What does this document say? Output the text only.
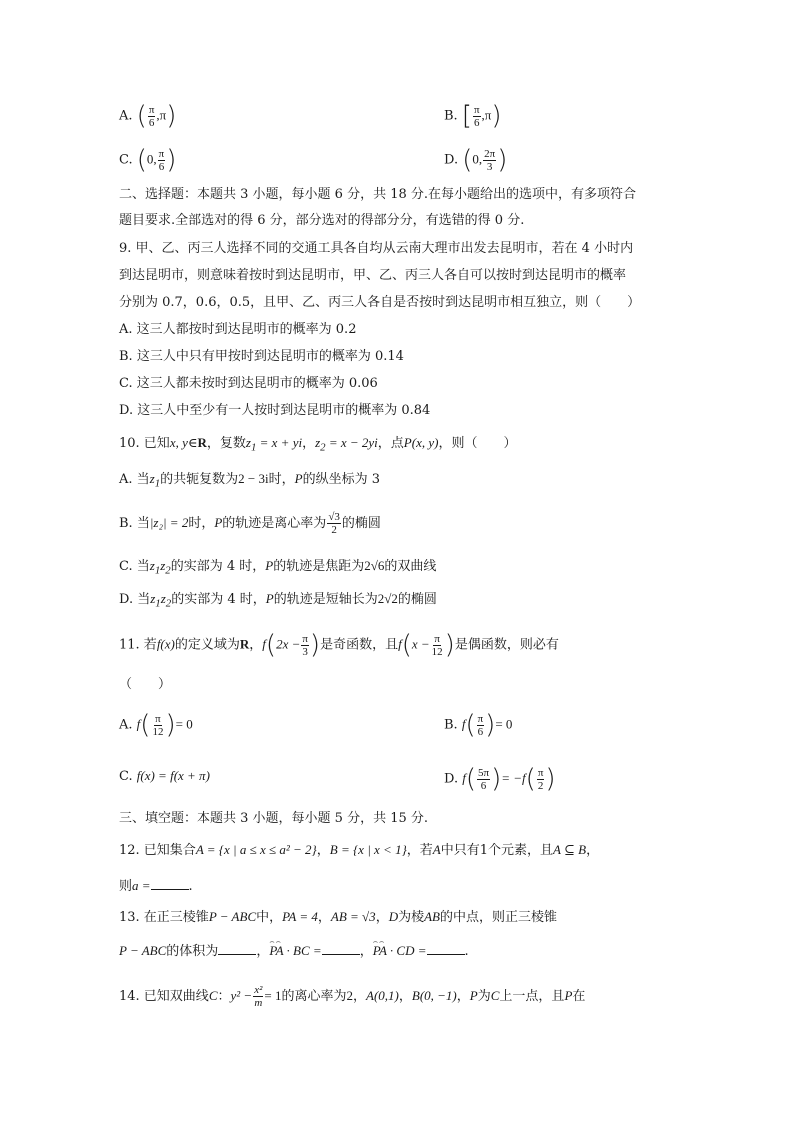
A. ( $\frac{\pi}{6} ,\pi$)	B. [ $\frac{\pi}{6} ,\pi$)
C. (0, $\frac{\pi}{6}$ )	D. (0, $\frac{2\pi}{3}$ )
二、选择题：本题共 3 小题，每小题 6 分，共 18 分.在每小题给出的选项中，有多项符合
题目要求.全部选对的得 6 分，部分选对的得部分分，有选错的得 0 分.
9. 甲、乙、丙三人选择不同的交通工具各自均从云南大理市出发去昆明市，若在 4 小时内
到达昆明市，则意味着按时到达昆明市，甲、乙、丙三人各自可以按时到达昆明市的概率
分别为 0.7，0.6，0.5，且甲、乙、丙三人各自是否按时到达昆明市相互独立，则（　　）
A. 这三人都按时到达昆明市的概率为 0.2
B. 这三人中只有甲按时到达昆明市的概率为 0.14
C. 这三人都未按时到达昆明市的概率为 0.06
D. 这三人中至少有一人按时到达昆明市的概率为 0.84
10. 已知x, y∈R，复数$z_1 = x$ + yi，$z_2 = x - 2yi$，点P(x, y)，则（　　）
A. 当$z_1$的共轭复数为2 − 3i时，P的纵坐标为 3
B. 当|z₂| = 2时，P的轨迹是离心率为 $\frac{√3}{2}$ 的椭圆
C. 当$z_1z_2$的实部为 4 时，P的轨迹是焦距为2√6的双曲线
D. 当$z_1z_2$的实部为 4 时，P的轨迹是短轴长为2√2的椭圆
11. 若f(x)的定义域为R，$f(2x - \frac{\pi}{3}$ )是奇函数，且$f(x - \frac{\pi}{12}$ )是偶函数，则必有
（　　）
A. $f( \frac{\pi}{12}$ )= 0	B. $f( \frac{\pi}{6}$ )= 0
C. f(x) = f(x + π)	D. $f( \frac{5\pi}{6}$ )= $-f( \frac{\pi}{2}$ )
三、填空题：本题共 3 小题，每小题 5 分，共 15 分.
12. 已知集合A = {x | a ≤ x ≤ a² − 2}，B = {x | x < 1}，若A中只有1个元素，且A ⊆ B，
则a =	.
13. 在正三棱锥P − ABC中，PA = 4，AB = √3，D为棱AB的中点，则正三棱锥
P − ABC的体积为	，⌢⌢ PA · BC =	，⌢⌢ PA · CD =	.
14. 已知双曲线C：$y^2 - \frac{\text{x²}}{m} = 1$的离心率为2，A(0,1)，B(0, −1)，P为C上一点，且P在
